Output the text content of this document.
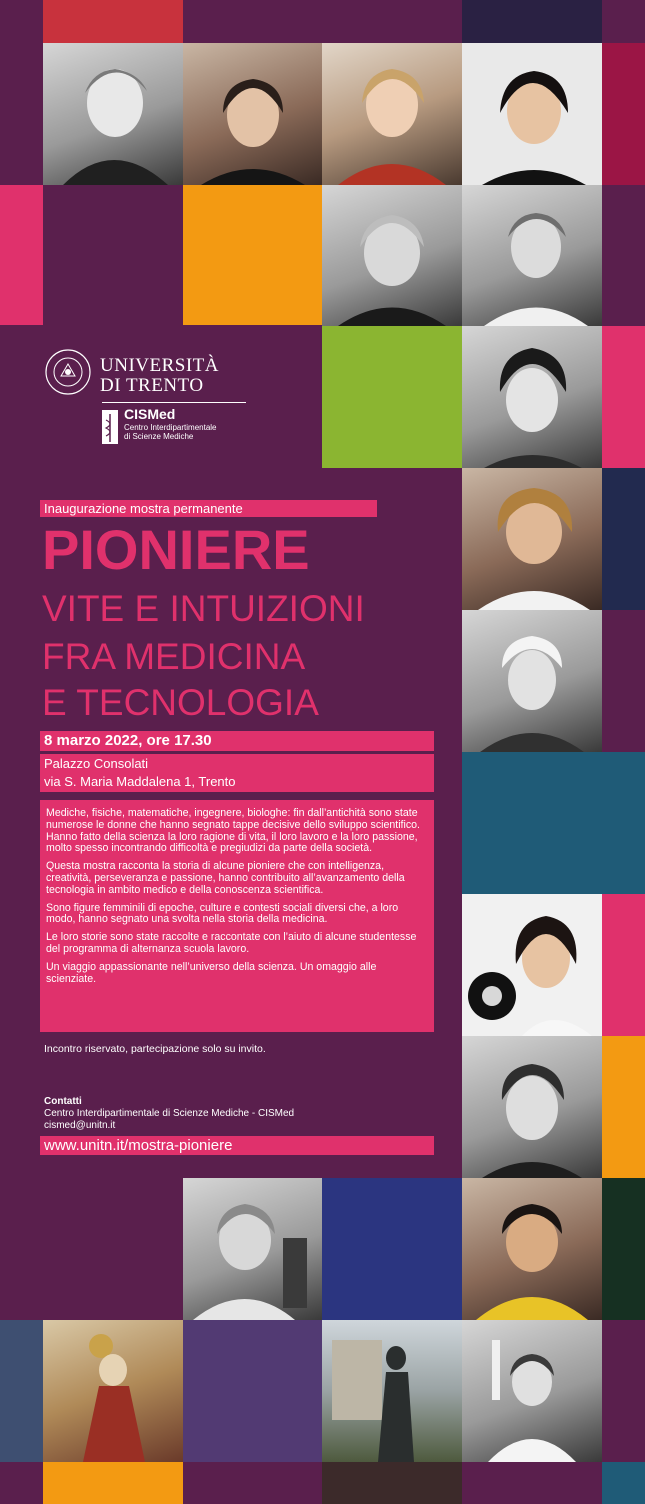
UNIVERSITÀ
DI TRENTO
CISMed
Centro Interdipartimentale
di Scienze Mediche
Inaugurazione mostra permanente
PIONIERE
VITE E INTUIZIONI
FRA MEDICINA
E TECNOLOGIA
8 marzo 2022, ore 17.30
Palazzo Consolati
via S. Maria Maddalena 1, Trento

Mediche, fisiche, matematiche, ingegnere, biologhe: fin dall’antichità sono state numerose le donne che hanno segnato tappe decisive dello sviluppo scientifico. Hanno fatto della scienza la loro ragione di vita, il loro lavoro e la loro passione, molto spesso incontrando difficoltà e pregiudizi da parte della società.

Questa mostra racconta la storia di alcune pioniere che con intelligenza, creatività, perseveranza e passione, hanno contribuito all’avanzamento della tecnologia in ambito medico e della conoscenza scientifica.

Sono figure femminili di epoche, culture e contesti sociali diversi che, a loro modo, hanno segnato una svolta nella storia della medicina.

Le loro storie sono state raccolte e raccontate con l’aiuto di alcune studentesse del programma di alternanza scuola lavoro.

Un viaggio appassionante nell’universo della scienza. Un omaggio alle scienziate.

Incontro riservato, partecipazione solo su invito.
Contatti
Centro Interdipartimentale di Scienze Mediche - CISMed
cismed@unitn.it
www.unitn.it/mostra-pioniere
